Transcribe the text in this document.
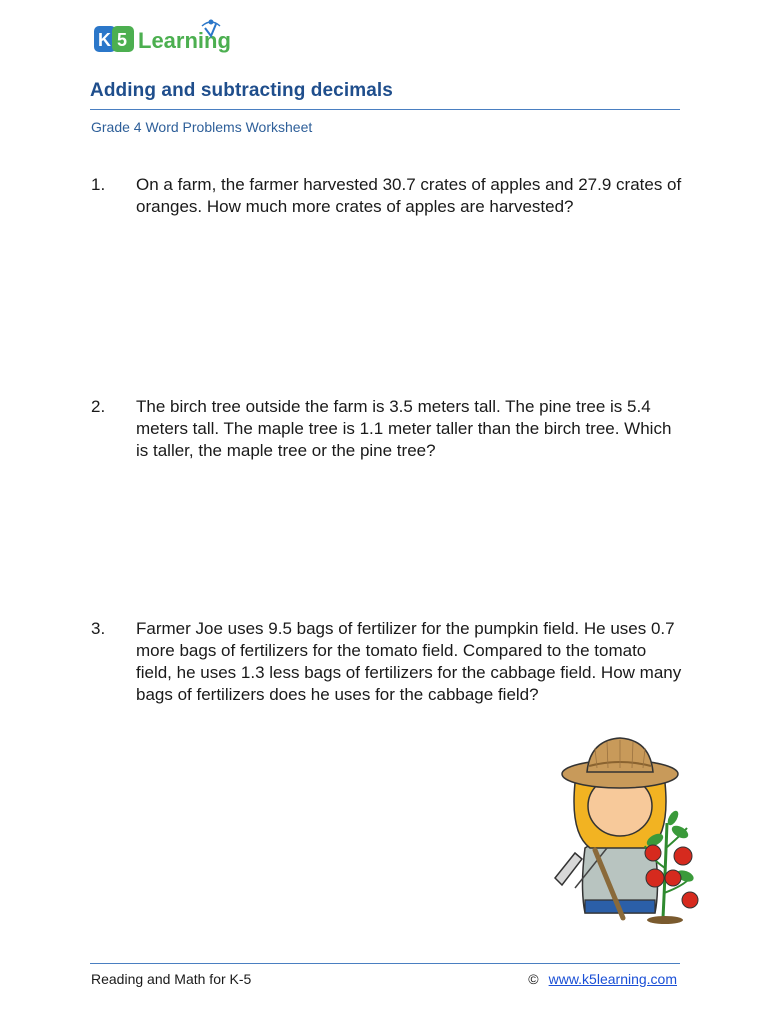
K 5 Learning
Adding and subtracting decimals

Grade 4 Word Problems Worksheet

1. On a farm, the farmer harvested 30.7 crates of apples and 27.9 crates of oranges. How much more crates of apples are harvested?
2. The birch tree outside the farm is 3.5 meters tall. The pine tree is 5.4 meters tall. The maple tree is 1.1 meter taller than the birch tree. Which is taller, the maple tree or the pine tree?
3. Farmer Joe uses 9.5 bags of fertilizer for the pumpkin field. He uses 0.7 more bags of fertilizers for the tomato field. Compared to the tomato field, he uses 1.3 less bags of fertilizers for the cabbage field. How many bags of fertilizers does he uses for the cabbage field?
Reading and Math for K-5	© www.k5learning.com
